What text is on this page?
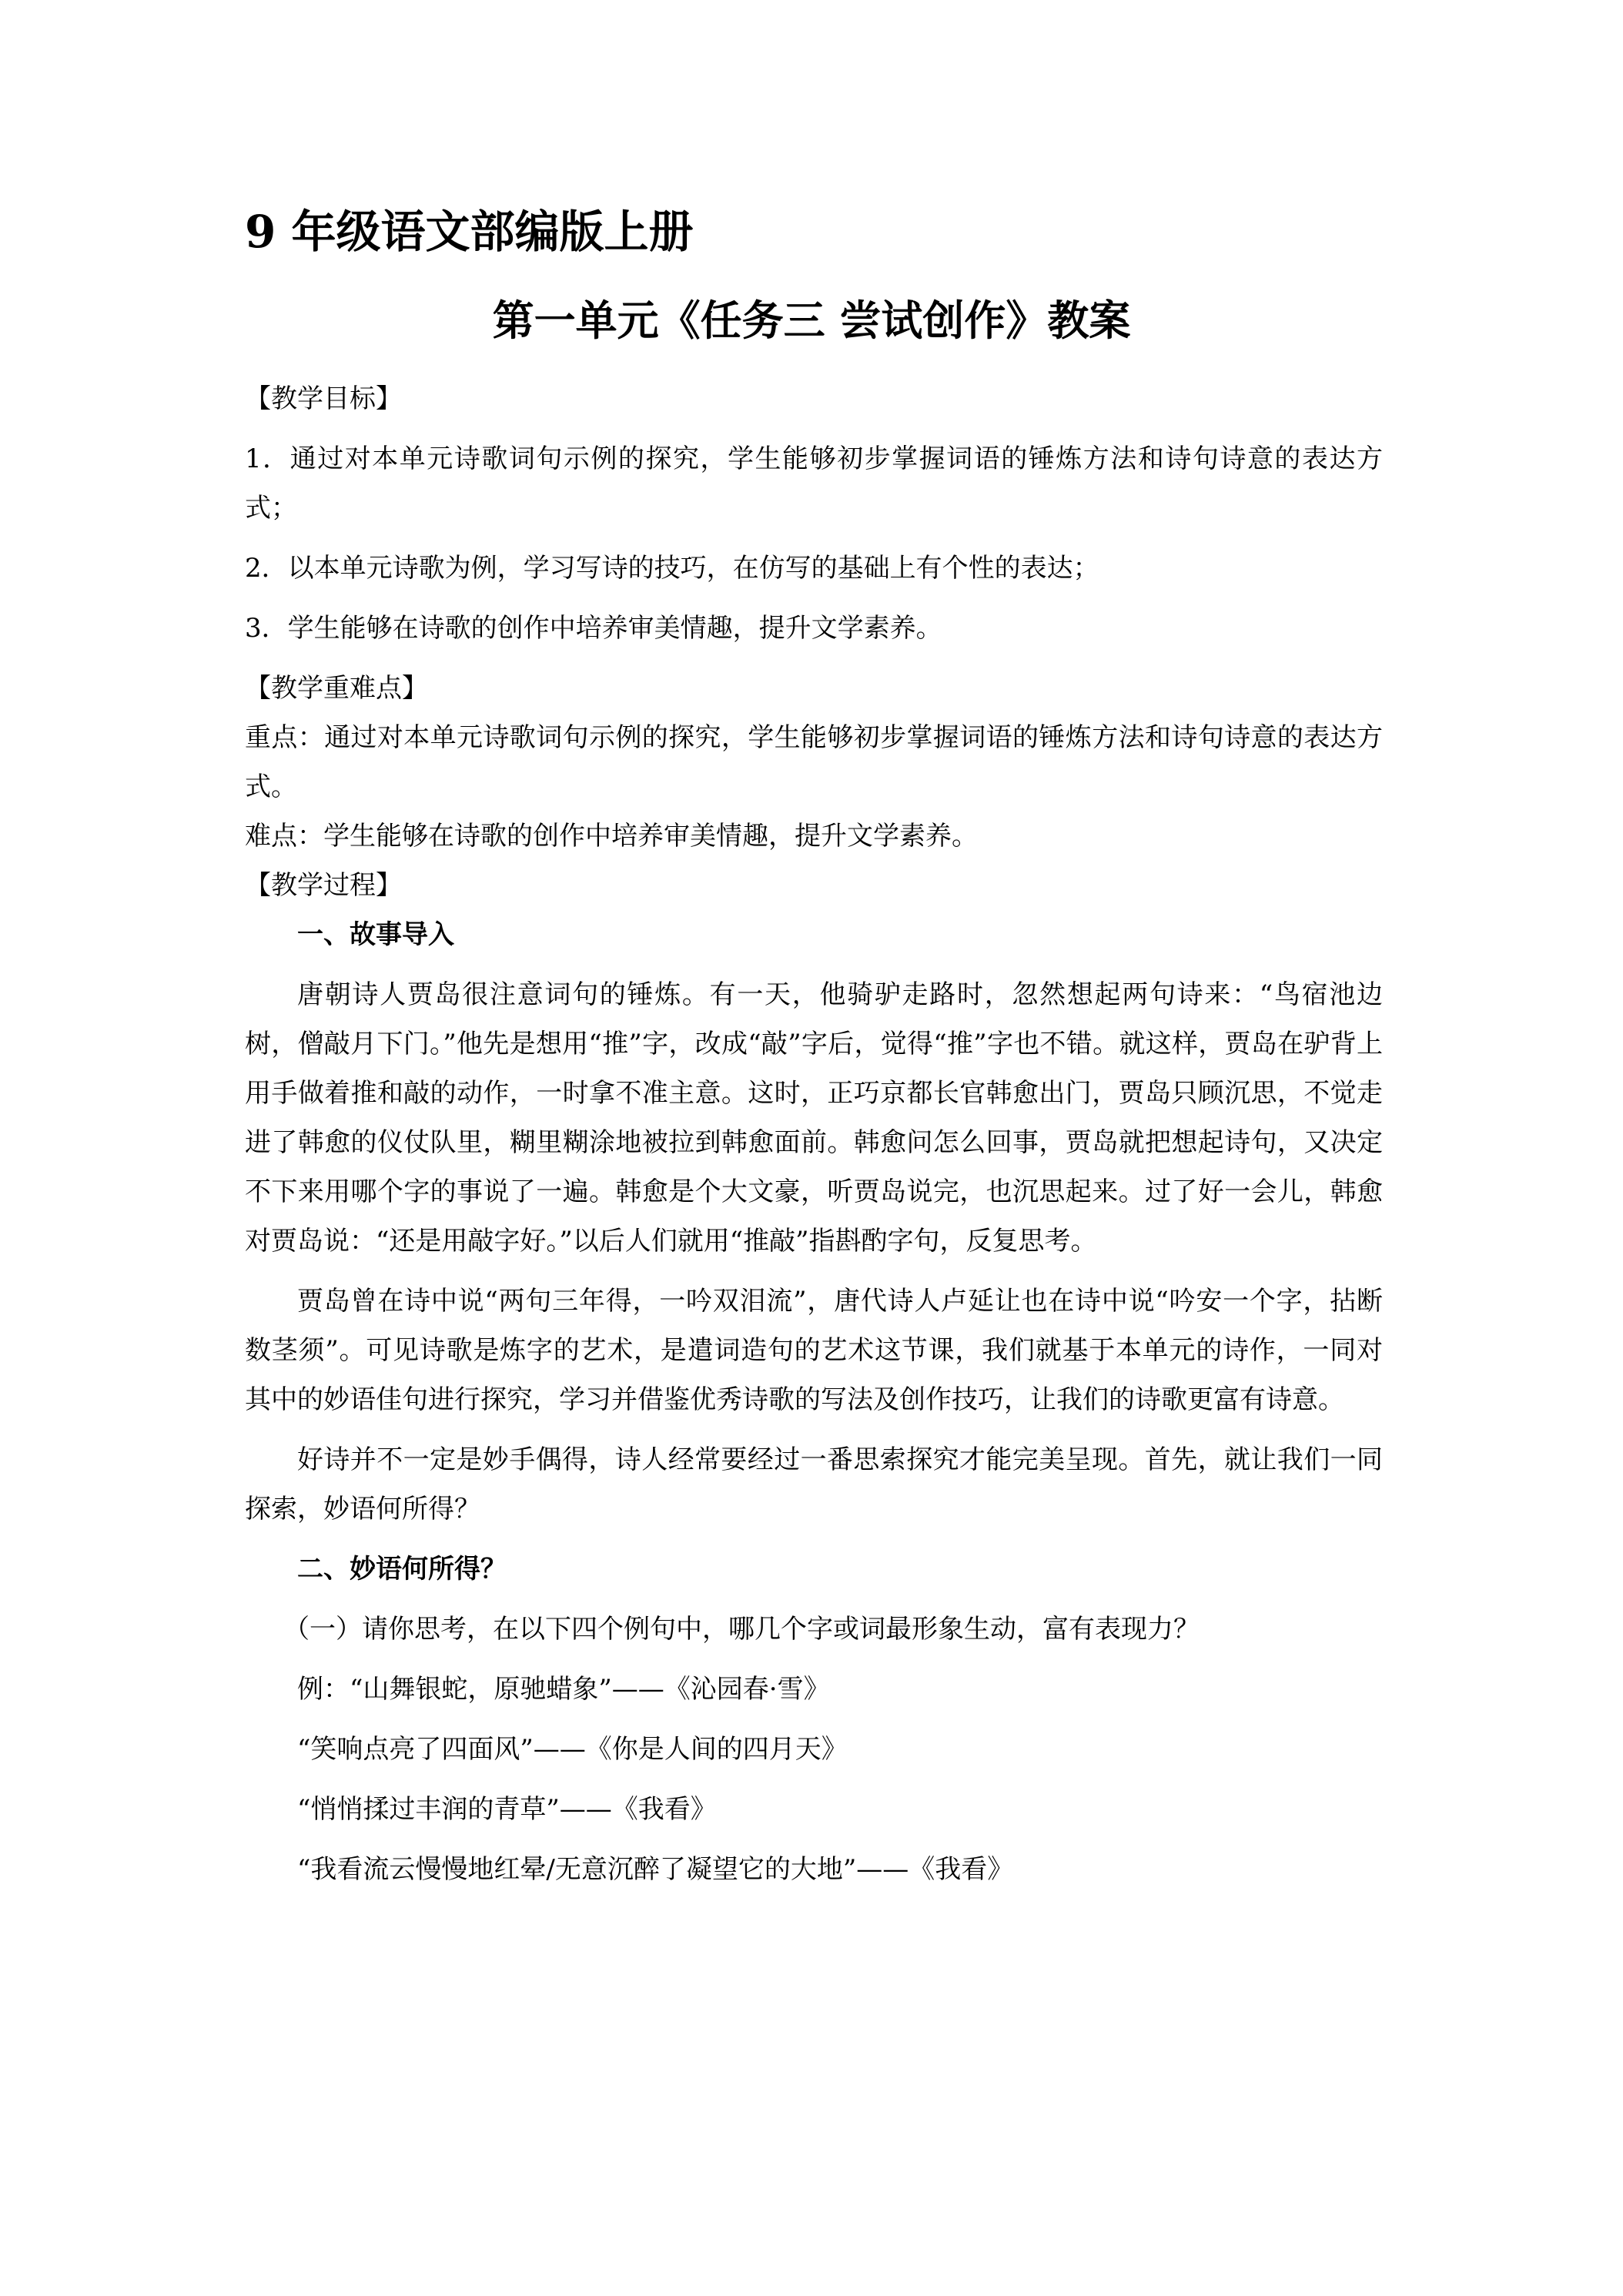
9 年级语文部编版上册
第一单元《任务三 尝试创作》教案

【教学目标】

1．通过对本单元诗歌词句示例的探究，学生能够初步掌握词语的锤炼方法和诗句诗意的表达方式；

2．以本单元诗歌为例，学习写诗的技巧，在仿写的基础上有个性的表达；

3．学生能够在诗歌的创作中培养审美情趣，提升文学素养。

【教学重难点】

重点：通过对本单元诗歌词句示例的探究，学生能够初步掌握词语的锤炼方法和诗句诗意的表达方式。

难点：学生能够在诗歌的创作中培养审美情趣，提升文学素养。

【教学过程】

一、故事导入

唐朝诗人贾岛很注意词句的锤炼。有一天，他骑驴走路时，忽然想起两句诗来：“鸟宿池边树，僧敲月下门。”他先是想用“推”字，改成“敲”字后，觉得“推”字也不错。就这样，贾岛在驴背上用手做着推和敲的动作，一时拿不准主意。这时，正巧京都长官韩愈出门，贾岛只顾沉思，不觉走进了韩愈的仪仗队里，糊里糊涂地被拉到韩愈面前。韩愈问怎么回事，贾岛就把想起诗句，又决定不下来用哪个字的事说了一遍。韩愈是个大文豪，听贾岛说完，也沉思起来。过了好一会儿，韩愈对贾岛说：“还是用敲字好。”以后人们就用“推敲”指斟酌字句，反复思考。

贾岛曾在诗中说“两句三年得，一吟双泪流”，唐代诗人卢延让也在诗中说“吟安一个字，拈断数茎须”。可见诗歌是炼字的艺术，是遣词造句的艺术这节课，我们就基于本单元的诗作，一同对其中的妙语佳句进行探究，学习并借鉴优秀诗歌的写法及创作技巧，让我们的诗歌更富有诗意。

好诗并不一定是妙手偶得，诗人经常要经过一番思索探究才能完美呈现。首先，就让我们一同探索，妙语何所得？

二、妙语何所得？

（一）请你思考，在以下四个例句中，哪几个字或词最形象生动，富有表现力？

例：“山舞银蛇，原驰蜡象”——《沁园春·雪》

“笑响点亮了四面风”——《你是人间的四月天》

“悄悄揉过丰润的青草”——《我看》

“我看流云慢慢地红晕/无意沉醉了凝望它的大地”——《我看》
